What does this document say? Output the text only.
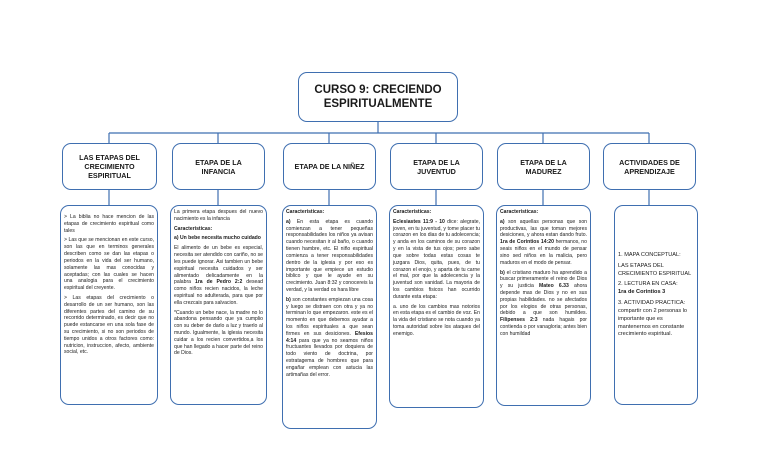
CURSO 9: CRECIENDO ESPIRITUALMENTE
LAS ETAPAS DEL CRECIMIENTO ESPIRITUAL
ETAPA DE LA INFANCIA	ETAPA DE LA NIÑEZ	ETAPA DE LA JUVENTUD
ETAPA DE LA MADUREZ
ACTIVIDADES DE APRENDIZAJE

> La biblia no hace mencion de las etapas de crecimiento espiritual como tales

> Las que se mencionan en este curso, son las que en terminos generales describen como se dan las etapas o periodos en la vida del ser humano, solamente las mas conocidas y aceptadas; con las cuales se hacen una analogia para el crecimiento espiritual del creyente.

> Las etapas del crecimiento o desarrollo de un ser humano, son las diferentes partes del camino de su recorrido determinado, es decir que no puede estancarse en una sola fase de su crecimiento, si no son periodos de tiempo unidos a otros factores como: nutricion, instruccion, afecto, ambiente social, etc.

La primera etapa despues del nuevo nacimiento es la infancia

Caracteristicas:

a) Un bebe necesita mucho cuidado

El alimento de un bebe es especial, necesita ser atendido con cariño, no se les puede ignorar. Asi tambien un bebe espiritual necesita cuidados y ser alimentado delicadamente en la palabra 1ra de Pedro 2:2 desead como niños recien nacidos, la leche espiritual no adulterada, para que por ella crezcais para salvacion.

*Cuando un bebe nace, la madre no lo abandona pensando que ya cumplio con su deber de darlo a luz y traerlo al mundo. Igualmente, la iglesia necesita cuidar a los recien convertidos,a los que han llegado a hacer parte del reino de Dios.

Caracteristicas:

a) En esta etapa es cuando comienzan a tener pequeñas responsabilidades los niños ya avisan cuando necesitan ir al baño, o cuando tienen hambre, etc. El niño espiritual comienza a tener responsabilidades dentro de la iglesia y por eso es importante que empiece un estudio biblico y que le ayude en su crecimiento. Juan 8:32 y conocereis la verdad, y la verdad os hara libre

b) son constantes empiezan una cosa y luego se distraen con otra y ya no terminan lo que empezaron. este es el momento en que debemos ayudar a los niños espirituales a que sean firmes en sus desiciones. Efesios 4:14 para que ya no seamos niños fructuantes llevados por doquiera de todo viento de doctrina, por estratagema de hombres que para engañar emplean con astucia las artimañas del error.

Caracteristicas:

Eclesiastes 11:9 - 10 dice: alegrate, joven, en tu juventud, y tome placer tu corazon en los dias de tu adolecencia; y anda en los caminos de su corazon y en la vista de tus ojos; pero sabe que sobre todas estas cosas te juzgara Dios, quita, pues, de tu corazon el enojo, y aparta de tu carne el mal, por que la adolecencia y la juventud son vanidad. La mayoria de los cambios fisicos han ocurrido durante esta etapa:

a. uno de los cambios mas notorios en esta etapa es el cambio de voz. En la vida del cristiano se nota cuando ya toma autoridad sobre los ataques del enemigo.

Caracteristicas:

a) son aquellas personas que son productivas, las que toman mejores desiciones, y ahora estan dando fruto. 1ra de Corintios 14:20 hermanos, no seais niños en el mundo de pensar sino sed niños en la malicia, pero maduros en el modo de pensar.

b) el cristiano maduro ha aprendido a buscar primeramente el reino de Dios y su justicia Mateo 6.33 ahora depende mas de Dios y no en sus propias habilidades. no se afectados por los elogios de otras personas, debido a que son humildes. Filipenses 2:3 nada hagais por contienda o por vanagloria; antes bien con humildad

1. MAPA CONCEPTUAL:

LAS ETAPAS DEL CRECIMIENTO ESPIRITUAL

2. LECTURA EN CASA:
1ra de Corintios 3

3. ACTIVIDAD PRACTICA: compartir con 2 personas lo importante que es mantenernos en constante crecimiento espiritual.
